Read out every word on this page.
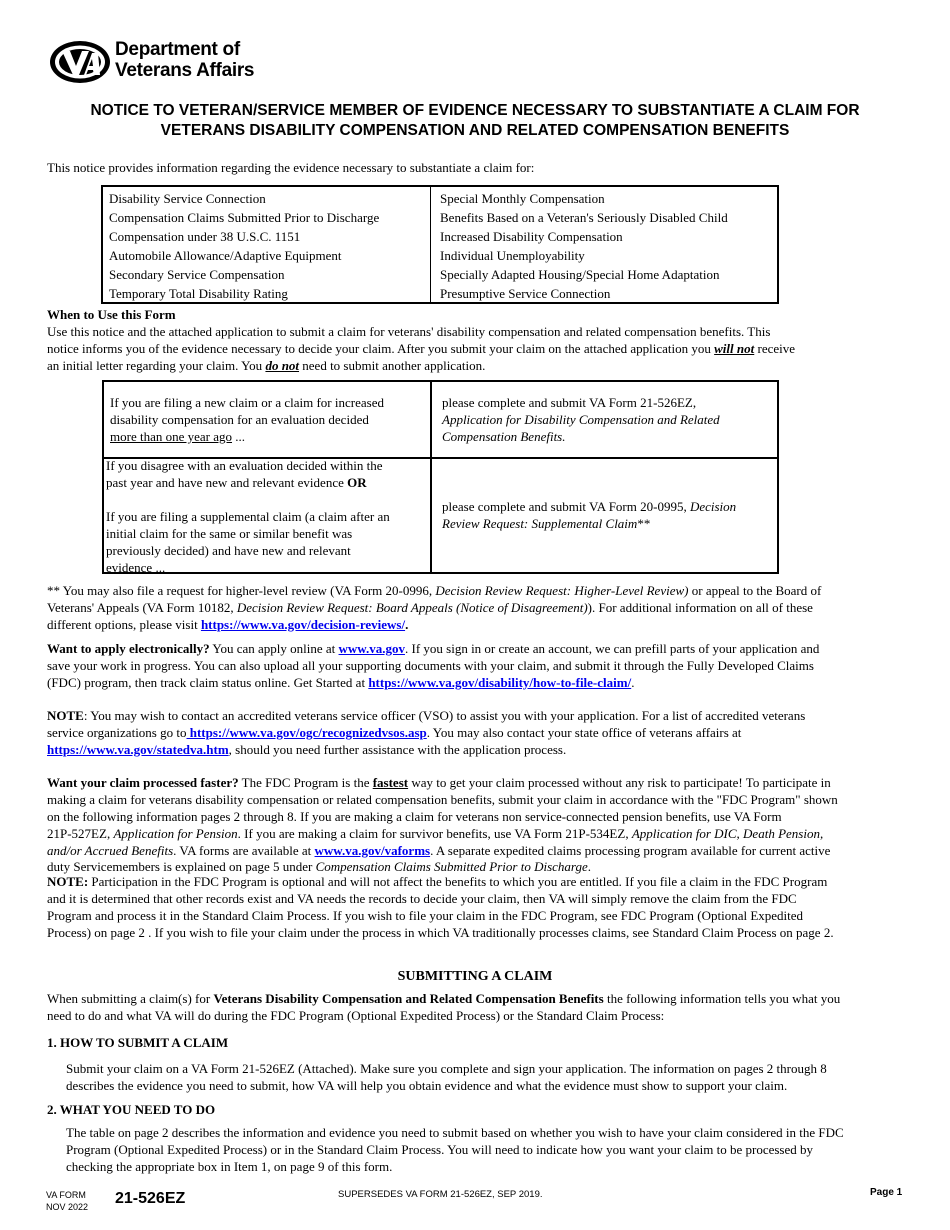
Department of
Veterans Affairs
NOTICE TO VETERAN/SERVICE MEMBER OF EVIDENCE NECESSARY TO SUBSTANTIATE A CLAIM FOR
VETERANS DISABILITY COMPENSATION AND RELATED COMPENSATION BENEFITS
This notice provides information regarding the evidence necessary to substantiate a claim for:
Disability Service Connection
Compensation Claims Submitted Prior to Discharge
Compensation under 38 U.S.C. 1151
Automobile Allowance/Adaptive Equipment
Secondary Service Compensation
Temporary Total Disability Rating
Special Monthly Compensation
Benefits Based on a Veteran's Seriously Disabled Child
Increased Disability Compensation
Individual Unemployability
Specially Adapted Housing/Special Home Adaptation
Presumptive Service Connection
When to Use this Form
Use this notice and the attached application to submit a claim for veterans' disability compensation and related compensation benefits. This
notice informs you of the evidence necessary to decide your claim. After you submit your claim on the attached application you will not receive
an initial letter regarding your claim. You do not need to submit another application.
If you are filing a new claim or a claim for increased
disability compensation for an evaluation decided
more than one year ago ...
please complete and submit VA Form 21-526EZ,
Application for Disability Compensation and Related
Compensation Benefits.
If you disagree with an evaluation decided within the
past year and have new and relevant evidence OR
If you are filing a supplemental claim (a claim after an
initial claim for the same or similar benefit was
previously decided) and have new and relevant
evidence ...
please complete and submit VA Form 20-0995, Decision
Review Request: Supplemental Claim**
** You may also file a request for higher-level review (VA Form 20-0996, Decision Review Request: Higher-Level Review) or appeal to the Board of
Veterans' Appeals (VA Form 10182, Decision Review Request: Board Appeals (Notice of Disagreement)). For additional information on all of these
different options, please visit https://www.va.gov/decision-reviews/.
Want to apply electronically? You can apply online at www.va.gov. If you sign in or create an account, we can prefill parts of your application and
save your work in progress. You can also upload all your supporting documents with your claim, and submit it through the Fully Developed Claims
(FDC) program, then track claim status online. Get Started at https://www.va.gov/disability/how-to-file-claim/.
NOTE: You may wish to contact an accredited veterans service officer (VSO) to assist you with your application. For a list of accredited veterans
service organizations go to https://www.va.gov/ogc/recognizedvsos.asp. You may also contact your state office of veterans affairs at
https://www.va.gov/statedva.htm, should you need further assistance with the application process.
Want your claim processed faster? The FDC Program is the fastest way to get your claim processed without any risk to participate! To participate in
making a claim for veterans disability compensation or related compensation benefits, submit your claim in accordance with the "FDC Program" shown
on the following information pages 2 through 8. If you are making a claim for veterans non service-connected pension benefits, use VA Form
21P-527EZ, Application for Pension. If you are making a claim for survivor benefits, use VA Form 21P-534EZ, Application for DIC, Death Pension,
and/or Accrued Benefits. VA forms are available at www.va.gov/vaforms. A separate expedited claims processing program available for current active
duty Servicemembers is explained on page 5 under Compensation Claims Submitted Prior to Discharge.
NOTE: Participation in the FDC Program is optional and will not affect the benefits to which you are entitled. If you file a claim in the FDC Program
and it is determined that other records exist and VA needs the records to decide your claim, then VA will simply remove the claim from the FDC
Program and process it in the Standard Claim Process. If you wish to file your claim in the FDC Program, see FDC Program (Optional Expedited
Process) on page 2 . If you wish to file your claim under the process in which VA traditionally processes claims, see Standard Claim Process on page 2.
SUBMITTING A CLAIM
When submitting a claim(s) for Veterans Disability Compensation and Related Compensation Benefits the following information tells you what you
need to do and what VA will do during the FDC Program (Optional Expedited Process) or the Standard Claim Process:
1. HOW TO SUBMIT A CLAIM
Submit your claim on a VA Form 21-526EZ (Attached). Make sure you complete and sign your application. The information on pages 2 through 8
describes the evidence you need to submit, how VA will help you obtain evidence and what the evidence must show to support your claim.
2. WHAT YOU NEED TO DO
The table on page 2 describes the information and evidence you need to submit based on whether you wish to have your claim considered in the FDC
Program (Optional Expedited Process) or in the Standard Claim Process. You will need to indicate how you want your claim to be processed by
checking the appropriate box in Item 1, on page 9 of this form.
VA FORM
NOV 2022 21-526EZ	SUPERSEDES VA FORM 21-526EZ, SEP 2019.	Page 1
